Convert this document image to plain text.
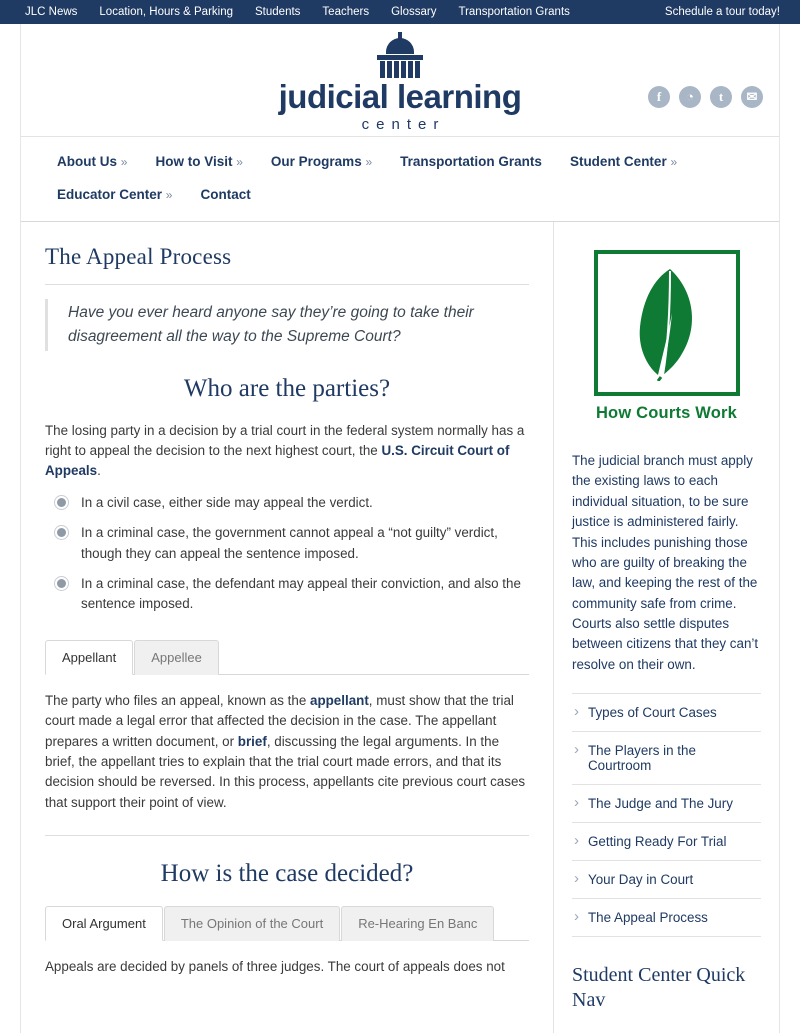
JLC News	Location, Hours & Parking	Students	Teachers	Glossary	Transportation Grants	Schedule a tour today!
judicial learning
center
f	◔	t	✉
About Us »	How to Visit »	Our Programs »	Transportation Grants	Student Center »
Educator Center »	Contact
The Appeal Process
Have you ever heard anyone say they’re going to take their disagreement all the way to the Supreme Court?
Who are the parties?

The losing party in a decision by a trial court in the federal system normally has a right to appeal the decision to the next highest court, the U.S. Circuit Court of Appeals.

In a civil case, either side may appeal the verdict.
In a criminal case, the government cannot appeal a “not guilty” verdict, though they can appeal the sentence imposed.
In a criminal case, the defendant may appeal their conviction, and also the sentence imposed.
Appellant	Appellee

The party who files an appeal, known as the appellant, must show that the trial court made a legal error that affected the decision in the case. The appellant prepares a written document, or brief, discussing the legal arguments. In the brief, the appellant tries to explain that the trial court made errors, and that its decision should be reversed. In this process, appellants cite previous court cases that support their point of view.

How is the case decided?
Oral Argument	The Opinion of the Court	Re-Hearing En Banc

Appeals are decided by panels of three judges. The court of appeals does not

How Courts Work

The judicial branch must apply the existing laws to each individual situation, to be sure justice is administered fairly. This includes punishing those who are guilty of breaking the law, and keeping the rest of the community safe from crime. Courts also settle disputes between citizens that they can’t resolve on their own.

› Types of Court Cases
› The Players in the Courtroom
› The Judge and The Jury
› Getting Ready For Trial
› Your Day in Court
› The Appeal Process
Student Center Quick Nav
